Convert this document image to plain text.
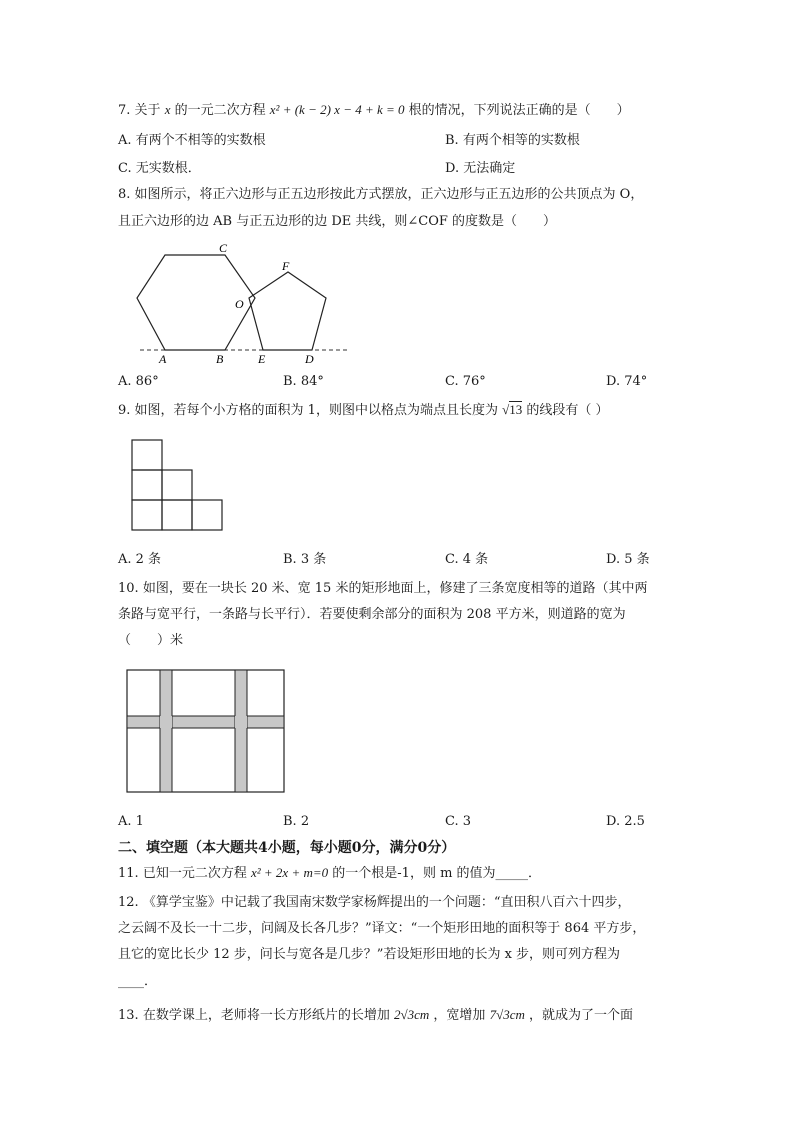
7. 关于 x 的一元二次方程 x² + (k − 2) x − 4 + k = 0 根的情况，下列说法正确的是（　　）
A. 有两个不相等的实数根	B. 有两个相等的实数根
C. 无实数根．	D. 无法确定
8. 如图所示，将正六边形与正五边形按此方式摆放，正六边形与正五边形的公共顶点为 O，
且正六边形的边 AB 与正五边形的边 DE 共线，则∠COF 的度数是（　　）
C
F
O
A	B	E	D
A. 86°	B. 84°	C. 76°	D. 74°
9. 如图，若每个小方格的面积为 1，则图中以格点为端点且长度为 √13 的线段有（ ）
A. 2 条	B. 3 条	C. 4 条	D. 5 条
10. 如图，要在一块长 20 米、宽 15 米的矩形地面上，修建了三条宽度相等的道路（其中两
条路与宽平行，一条路与长平行）．若要使剩余部分的面积为 208 平方米，则道路的宽为
（　　）米
A. 1	B. 2	C. 3	D. 2.5
二、填空题（本大题共4小题，每小题0分，满分0分）
11. 已知一元二次方程 x² + 2x + m=0 的一个根是-1，则 m 的值为_____．
12. 《算学宝鉴》中记载了我国南宋数学家杨辉提出的一个问题：“直田积八百六十四步，
之云阔不及长一十二步，问阔及长各几步？”译文：“一个矩形田地的面积等于 864 平方步，
且它的宽比长少 12 步，问长与宽各是几步？”若设矩形田地的长为 x 步，则可列方程为
____．
13. 在数学课上，老师将一长方形纸片的长增加 2√3cm ，宽增加 7√3cm ，就成为了一个面
